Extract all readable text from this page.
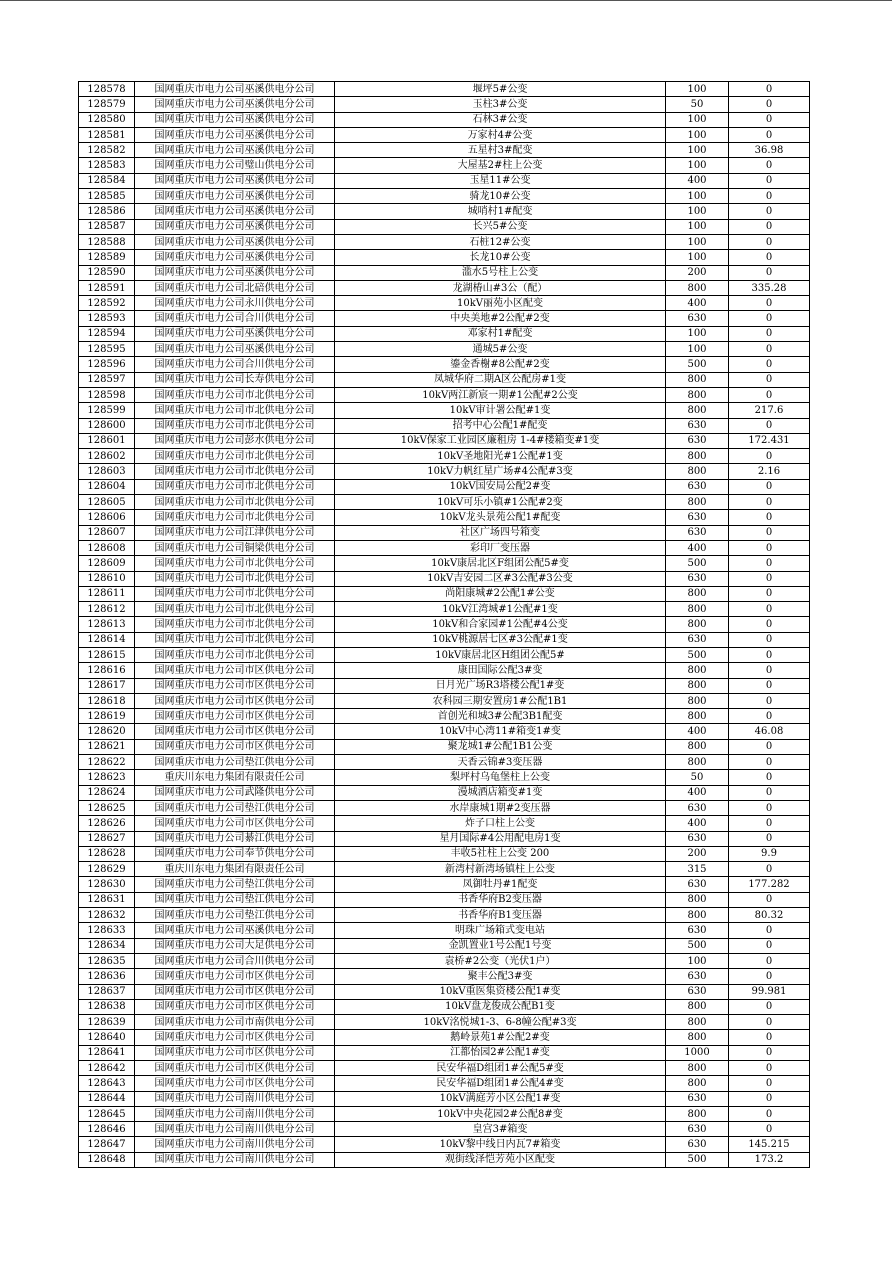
128578	国网重庆市电力公司巫溪供电分公司	堰坪5#公变	100	0
128579	国网重庆市电力公司巫溪供电分公司	玉柱3#公变	50	0
128580	国网重庆市电力公司巫溪供电分公司	石林3#公变	100	0
128581	国网重庆市电力公司巫溪供电分公司	万家村4#公变	100	0
128582	国网重庆市电力公司巫溪供电分公司	五星村3#配变	100	36.98
128583	国网重庆市电力公司璧山供电分公司	大屋基2#柱上公变	100	0
128584	国网重庆市电力公司巫溪供电分公司	玉星11#公变	400	0
128585	国网重庆市电力公司巫溪供电分公司	骑龙10#公变	100	0
128586	国网重庆市电力公司巫溪供电分公司	城哨村1#配变	100	0
128587	国网重庆市电力公司巫溪供电分公司	长兴5#公变	100	0
128588	国网重庆市电力公司巫溪供电分公司	石桩12#公变	100	0
128589	国网重庆市电力公司巫溪供电分公司	长龙10#公变	100	0
128590	国网重庆市电力公司巫溪供电分公司	滥水5号柱上公变	200	0
128591	国网重庆市电力公司北碚供电分公司	龙湖椿山#3公（配）	800	335.28
128592	国网重庆市电力公司永川供电分公司	10kV丽苑小区配变	400	0
128593	国网重庆市电力公司合川供电分公司	中央美地#2公配#2变	630	0
128594	国网重庆市电力公司巫溪供电分公司	邓家村1#配变	100	0
128595	国网重庆市电力公司巫溪供电分公司	通城5#公变	100	0
128596	国网重庆市电力公司合川供电分公司	鎏金香榭#8公配#2变	500	0
128597	国网重庆市电力公司长寿供电分公司	凤城华府二期A区公配房#1变	800	0
128598	国网重庆市电力公司市北供电分公司	10kV两江新宸一期#1公配#2公变	800	0
128599	国网重庆市电力公司市北供电分公司	10kV审计署公配#1变	800	217.6
128600	国网重庆市电力公司市北供电分公司	招考中心公配1#配变	630	0
128601	国网重庆市电力公司彭水供电分公司	10kV保家工业园区廉租房 1-4#楼箱变#1变	630	172.431
128602	国网重庆市电力公司市北供电分公司	10kV圣地阳光#1公配#1变	800	0
128603	国网重庆市电力公司市北供电分公司	10kV力帆红星广场#4公配#3变	800	2.16
128604	国网重庆市电力公司市北供电分公司	10kV国安局公配2#变	630	0
128605	国网重庆市电力公司市北供电分公司	10kV可乐小镇#1公配#2变	800	0
128606	国网重庆市电力公司市北供电分公司	10kV龙头景苑公配1#配变	630	0
128607	国网重庆市电力公司江津供电分公司	社区广场四号箱变	630	0
128608	国网重庆市电力公司铜梁供电分公司	彩印厂变压器	400	0
128609	国网重庆市电力公司市北供电分公司	10kV康居北区F组团公配5#变	500	0
128610	国网重庆市电力公司市北供电分公司	10kV吉安园二区#3公配#3公变	630	0
128611	国网重庆市电力公司市北供电分公司	尚阳康城#2公配1#公变	800	0
128612	国网重庆市电力公司市北供电分公司	10kV江湾城#1公配#1变	800	0
128613	国网重庆市电力公司市北供电分公司	10kV和合家园#1公配#4公变	800	0
128614	国网重庆市电力公司市北供电分公司	10kV桃源居七区#3公配#1变	630	0
128615	国网重庆市电力公司市北供电分公司	10kV康居北区H组团公配5#	500	0
128616	国网重庆市电力公司市区供电分公司	康田国际公配3#变	800	0
128617	国网重庆市电力公司市区供电分公司	日月光广场R3塔楼公配1#变	800	0
128618	国网重庆市电力公司市区供电分公司	农科园三期安置房1#公配1B1	800	0
128619	国网重庆市电力公司市区供电分公司	首创光和城3#公配3B1配变	800	0
128620	国网重庆市电力公司市区供电分公司	10kV中心湾11#箱变1#变	400	46.08
128621	国网重庆市电力公司市区供电分公司	聚龙城1#公配1B1公变	800	0
128622	国网重庆市电力公司垫江供电分公司	天香云锦#3变压器	800	0
128623	重庆川东电力集团有限责任公司	梨坪村乌龟堡柱上公变	50	0
128624	国网重庆市电力公司武隆供电分公司	漫城酒店箱变#1变	400	0
128625	国网重庆市电力公司垫江供电分公司	水岸康城1期#2变压器	630	0
128626	国网重庆市电力公司市区供电分公司	炸子口柱上公变	400	0
128627	国网重庆市电力公司綦江供电分公司	星月国际#4公用配电房1变	630	0
128628	国网重庆市电力公司奉节供电分公司	丰收5社柱上公变 200	200	9.9
128629	重庆川东电力集团有限责任公司	新湾村新湾场镇柱上公变	315	0
128630	国网重庆市电力公司垫江供电分公司	凤御牡丹#1配变	630	177.282
128631	国网重庆市电力公司垫江供电分公司	书香华府B2变压器	800	0
128632	国网重庆市电力公司垫江供电分公司	书香华府B1变压器	800	80.32
128633	国网重庆市电力公司巫溪供电分公司	明珠广场箱式变电站	630	0
128634	国网重庆市电力公司大足供电分公司	金凯置业1号公配1号变	500	0
128635	国网重庆市电力公司合川供电分公司	袁桥#2公变（光伏1户）	100	0
128636	国网重庆市电力公司市区供电分公司	聚丰公配3#变	630	0
128637	国网重庆市电力公司市区供电分公司	10kV重医集资楼公配1#变	630	99.981
128638	国网重庆市电力公司市区供电分公司	10kV盘龙俊成公配B1变	800	0
128639	国网重庆市电力公司市南供电分公司	10kV洺悦城1-3、6-8幢公配#3变	800	0
128640	国网重庆市电力公司市区供电分公司	鹅岭景苑1#公配2#变	800	0
128641	国网重庆市电力公司市区供电分公司	江都怡园2#公配1#变	1000	0
128642	国网重庆市电力公司市区供电分公司	民安华福D组团1#公配5#变	800	0
128643	国网重庆市电力公司市区供电分公司	民安华福D组团1#公配4#变	800	0
128644	国网重庆市电力公司南川供电分公司	10kV满庭芳小区公配1#变	630	0
128645	国网重庆市电力公司南川供电分公司	10kV中央花园2#公配8#变	800	0
128646	国网重庆市电力公司南川供电分公司	皇宫3#箱变	630	0
128647	国网重庆市电力公司南川供电分公司	10kV黎中线日内瓦7#箱变	630	145.215
128648	国网重庆市电力公司南川供电分公司	观街线泽恺芳苑小区配变	500	173.2
